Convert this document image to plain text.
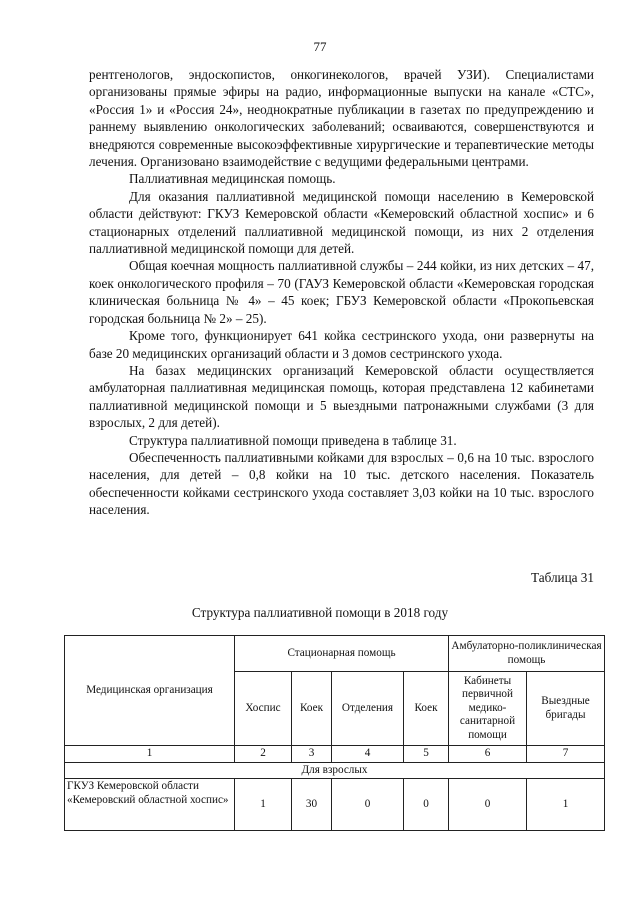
77

рентгенологов, эндоскопистов, онкогинекологов, врачей УЗИ). Специалистами организованы прямые эфиры на радио, информационные выпуски на канале «СТС», «Россия 1» и «Россия 24», неоднократные публикации в газетах по предупреждению и раннему выявлению онкологических заболеваний; осваиваются, совершенствуются и внедряются современные высокоэффективные хирургические и терапевтические методы лечения. Организовано взаимодействие с ведущими федеральными центрами.

Паллиативная медицинская помощь.

Для оказания паллиативной медицинской помощи населению в Кемеровской области действуют: ГКУЗ Кемеровской области «Кемеровский областной хоспис» и 6 стационарных отделений паллиативной медицинской помощи, из них 2 отделения паллиативной медицинской помощи для детей.

Общая коечная мощность паллиативной службы – 244 койки, из них детских – 47, коек онкологического профиля – 70 (ГАУЗ Кемеровской области «Кемеровская городская клиническая больница № 4» – 45 коек; ГБУЗ Кемеровской области «Прокопьевская городская больница № 2» – 25).

Кроме того, функционирует 641 койка сестринского ухода, они развернуты на базе 20 медицинских организаций области и 3 домов сестринского ухода.

На базах медицинских организаций Кемеровской области осуществляется амбулаторная паллиативная медицинская помощь, которая представлена 12 кабинетами паллиативной медицинской помощи и 5 выездными патронажными службами (3 для взрослых, 2 для детей).

Структура паллиативной помощи приведена в таблице 31.

Обеспеченность паллиативными койками для взрослых – 0,6 на 10 тыс. взрослого населения, для детей – 0,8 койки на 10 тыс. детского населения. Показатель обеспеченности койками сестринского ухода составляет 3,03 койки на 10 тыс. взрослого населения.

Таблица 31
Структура паллиативной помощи в 2018 году
Медицинская организация	Стационарная помощь				Амбулаторно-поликлиническая помощь	
	Хоспис	Коек	Отделения	Коек	Кабинеты первичной медико-санитарной помощи	Выездные бригады
1	2	3	4	5	6	7
Для взрослых						
ГКУЗ Кемеровской области «Кемеровский областной хоспис»	1	30	0	0	0	1
